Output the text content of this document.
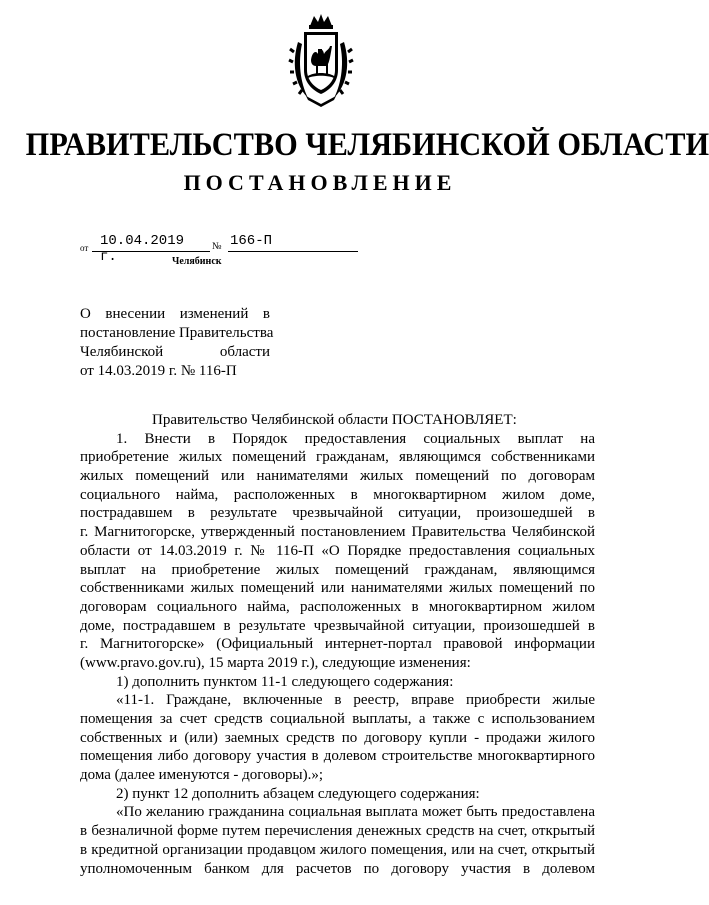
ПРАВИТЕЛЬСТВО ЧЕЛЯБИНСКОЙ ОБЛАСТИ
ПОСТАНОВЛЕНИЕ
от 10.04.2019 г.
№ 166-П
Челябинск
О внесении изменений в
постановление Правительства
Челябинской области
от 14.03.2019 г. № 116-П
Правительство Челябинской области ПОСТАНОВЛЯЕТ:
1. Внести в Порядок предоставления социальных выплат на
приобретение жилых помещений гражданам, являющимся собственниками
жилых помещений или нанимателями жилых помещений по договорам
социального найма, расположенных в многоквартирном жилом доме,
пострадавшем в результате чрезвычайной ситуации, произошедшей в
г. Магнитогорске, утвержденный постановлением Правительства Челябинской
области от 14.03.2019 г. № 116-П «О Порядке предоставления социальных
выплат на приобретение жилых помещений гражданам, являющимся
собственниками жилых помещений или нанимателями жилых помещений по
договорам социального найма, расположенных в многоквартирном жилом
доме, пострадавшем в результате чрезвычайной ситуации, произошедшей в
г. Магнитогорске» (Официальный интернет-портал правовой информации
(www.pravo.gov.ru), 15 марта 2019 г.), следующие изменения:
1) дополнить пунктом 11-1 следующего содержания:
«11-1. Граждане, включенные в реестр, вправе приобрести жилые
помещения за счет средств социальной выплаты, а также с использованием
собственных и (или) заемных средств по договору купли - продажи жилого
помещения либо договору участия в долевом строительстве многоквартирного
дома (далее именуются - договоры).»;
2) пункт 12 дополнить абзацем следующего содержания:
«По желанию гражданина социальная выплата может быть предоставлена
в безналичной форме путем перечисления денежных средств на счет, открытый
в кредитной организации продавцом жилого помещения, или на счет, открытый
уполномоченным банком для расчетов по договору участия в долевом
